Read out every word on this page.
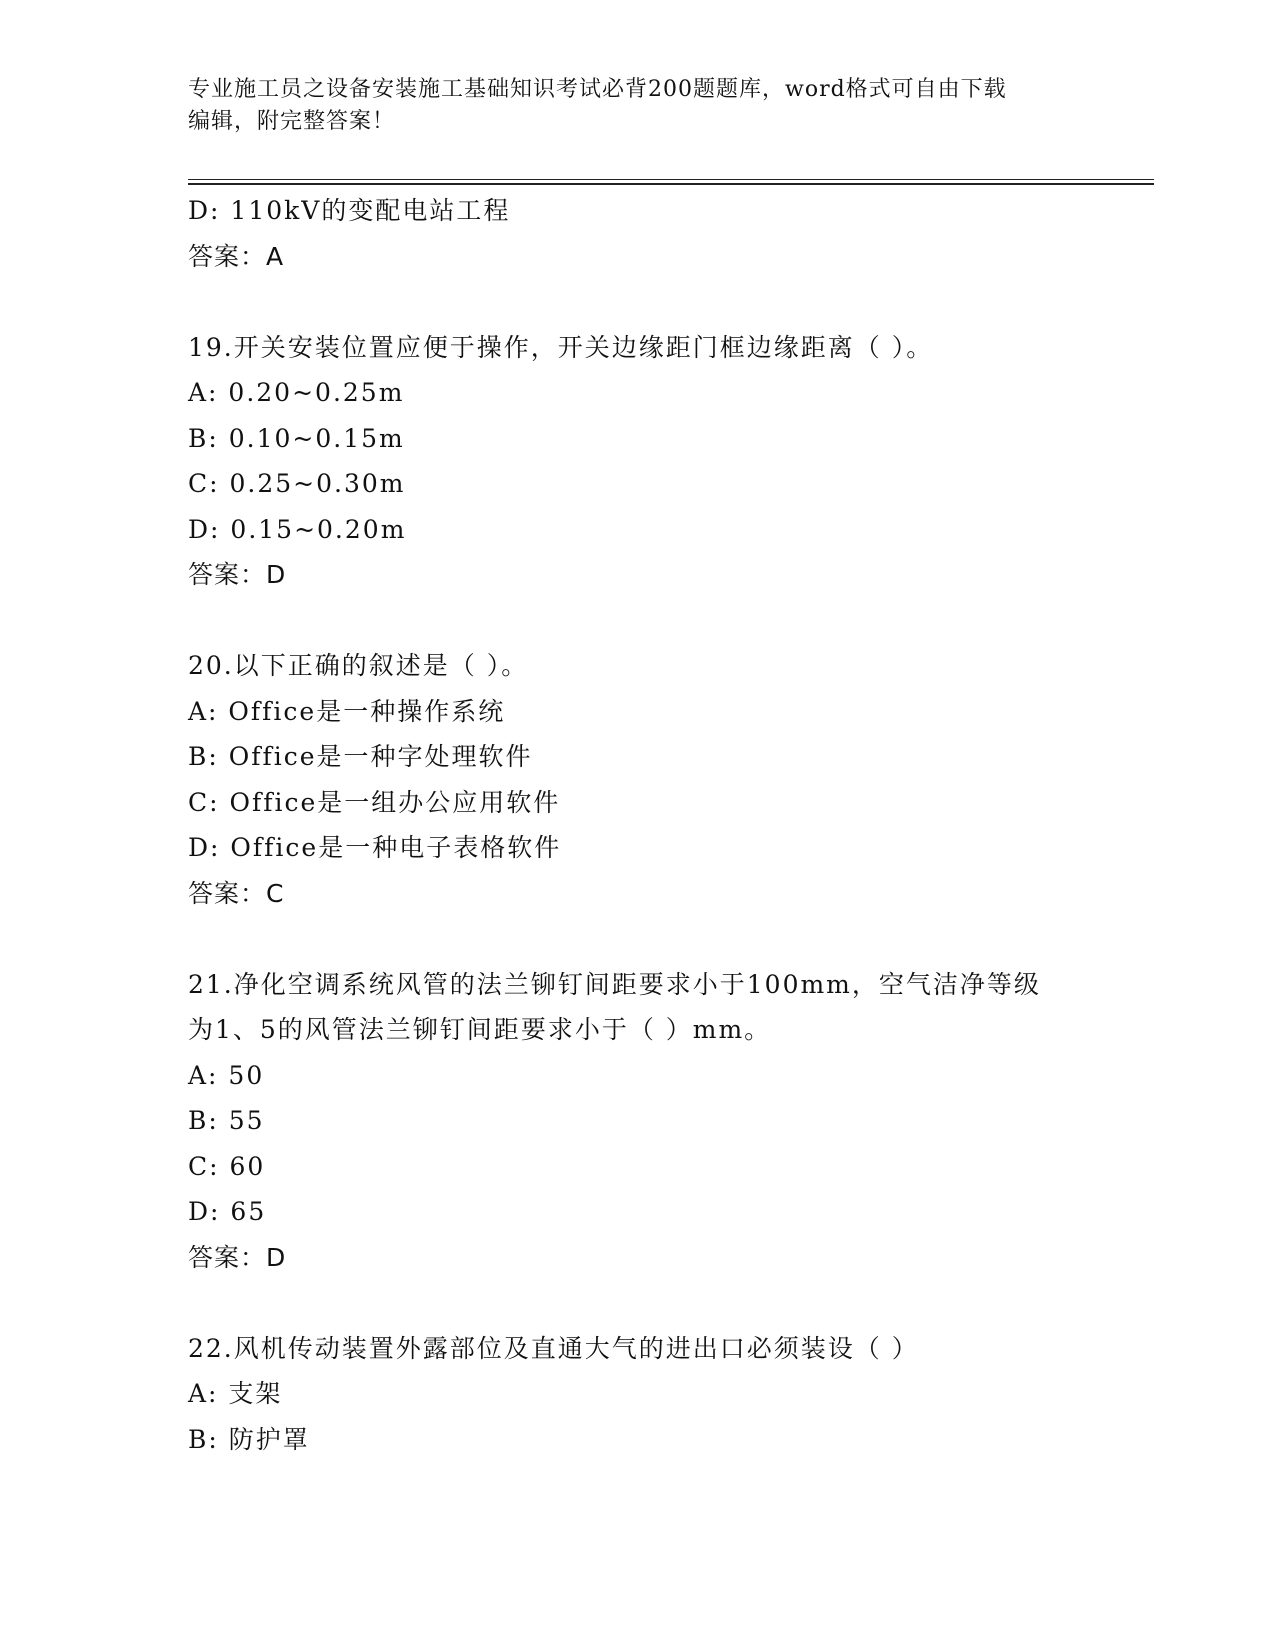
专业施工员之设备安装施工基础知识考试必背200题题库，word格式可自由下载

编辑，附完整答案！

D: 110kV的变配电站工程

答案：A

19.开关安装位置应便于操作，开关边缘距门框边缘距离（ ）。

A: 0.20~0.25m

B: 0.10~0.15m

C: 0.25~0.30m

D: 0.15~0.20m

答案：D

20.以下正确的叙述是（ ）。

A: Office是一种操作系统

B: Office是一种字处理软件

C: Office是一组办公应用软件

D: Office是一种电子表格软件

答案：C

21.净化空调系统风管的法兰铆钉间距要求小于100mm，空气洁净等级

为1、5的风管法兰铆钉间距要求小于（ ）mm。

A: 50

B: 55

C: 60

D: 65

答案：D

22.风机传动装置外露部位及直通大气的进出口必须装设（ ）

A: 支架

B: 防护罩
